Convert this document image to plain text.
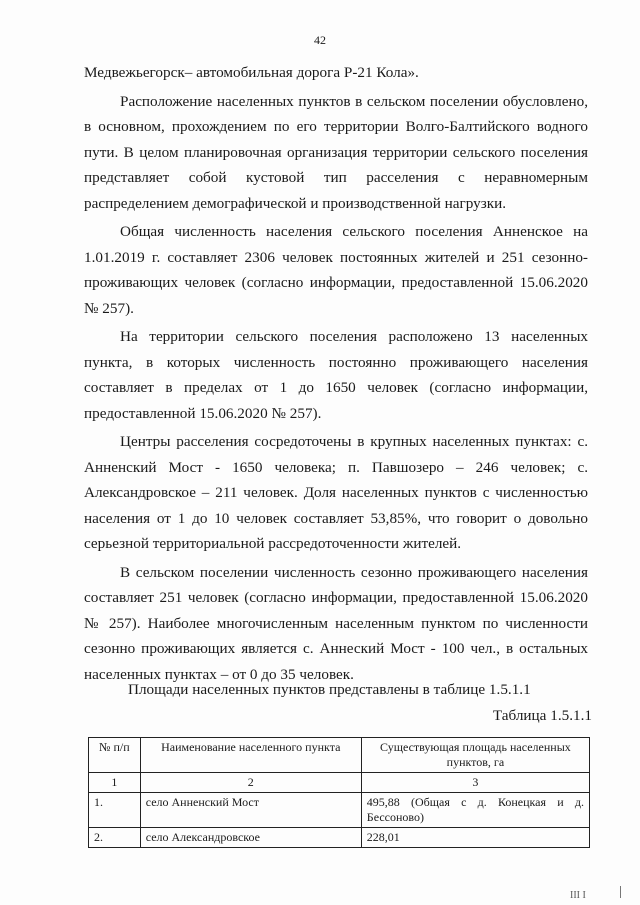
42

Медвежьегорск– автомобильная дорога Р-21 Кола».

Расположение населенных пунктов в сельском поселении обусловлено, в основном, прохождением по его территории Волго-Балтийского водного пути. В целом планировочная организация территории сельского поселения представляет собой кустовой тип расселения с неравномерным распределением демографической и производственной нагрузки.

Общая численность населения сельского поселения Анненское на 1.01.2019 г. составляет 2306 человек постоянных жителей и 251 сезонно-проживающих человек (согласно информации, предоставленной 15.06.2020 № 257).

На территории сельского поселения расположено 13 населенных пункта, в которых численность постоянно проживающего населения составляет в пределах от 1 до 1650 человек (согласно информации, предоставленной 15.06.2020 № 257).

Центры расселения сосредоточены в крупных населенных пунктах: с. Анненский Мост - 1650 человека; п. Павшозеро – 246 человек; с. Александровское – 211 человек. Доля населенных пунктов с численностью населения от 1 до 10 человек составляет 53,85%, что говорит о довольно серьезной территориальной рассредоточенности жителей.

В сельском поселении численность сезонно проживающего населения составляет 251 человек (согласно информации, предоставленной 15.06.2020 № 257). Наиболее многочисленным населенным пунктом по численности сезонно проживающих является с. Аннеский Мост - 100 чел., в остальных населенных пунктах – от 0 до 35 человек.

Площади населенных пунктов представлены в таблице 1.5.1.1
Таблица 1.5.1.1
№ п/п	Наименование населенного пункта	Существующая площадь населенных пунктов, га
1	2	3
1.	село Анненский Мост	495,88 (Общая с д. Конецкая и д. Бессоново)
2.	село Александровское	228,01
III I
